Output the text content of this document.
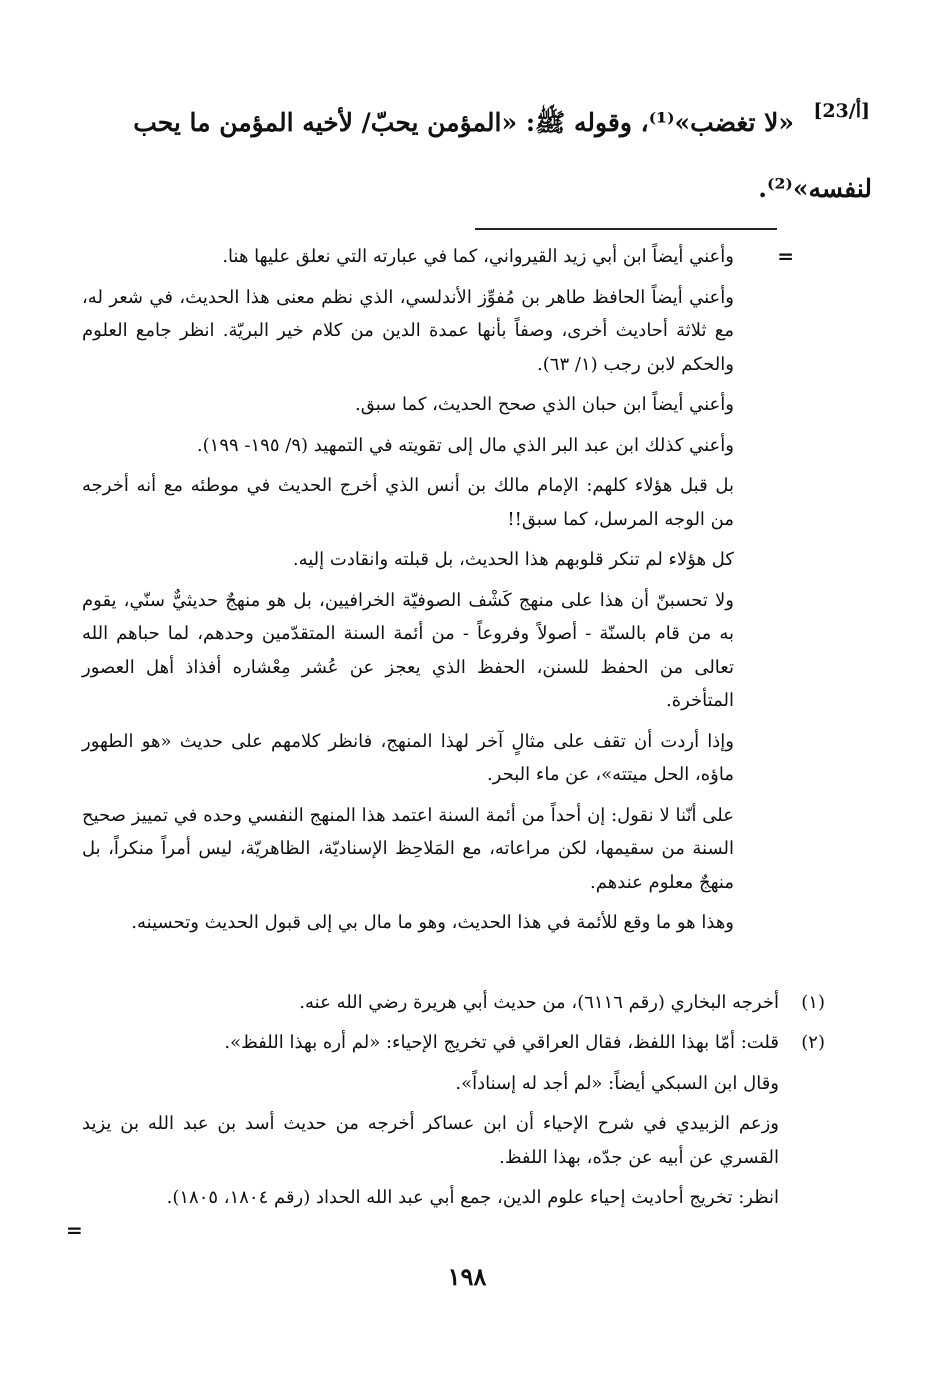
[23/أ]
«لا تغضب»⁽¹⁾، وقوله ﷺ: «المؤمن يحبّ/ لأخيه المؤمن ما يحب
لنفسه»⁽²⁾.
=

وأعني أيضاً ابن أبي زيد القيرواني، كما في عبارته التي نعلق عليها هنا.

وأعني أيضاً الحافظ طاهر بن مُفوِّز الأندلسي، الذي نظم معنى هذا الحديث، في شعر له، مع ثلاثة أحاديث أخرى، وصفاً بأنها عمدة الدين من كلام خير البريّة. انظر جامع العلوم والحكم لابن رجب (١/ ٦٣).

وأعني أيضاً ابن حبان الذي صحح الحديث، كما سبق.

وأعني كذلك ابن عبد البر الذي مال إلى تقويته في التمهيد (٩/ ١٩٥- ١٩٩).

بل قبل هؤلاء كلهم: الإمام مالك بن أنس الذي أخرج الحديث في موطئه مع أنه أخرجه من الوجه المرسل، كما سبق!!

كل هؤلاء لم تنكر قلوبهم هذا الحديث، بل قبلته وانقادت إليه.

ولا تحسبنّ أن هذا على منهج كَشْف الصوفيّة الخرافيين، بل هو منهجٌ حديثيٌّ سنّي، يقوم به من قام بالسنّة - أصولاً وفروعاً - من أئمة السنة المتقدّمين وحدهم، لما حباهم الله تعالى من الحفظ للسنن، الحفظ الذي يعجز عن عُشر مِعْشاره أفذاذ أهل العصور المتأخرة.

وإذا أردت أن تقف على مثالٍ آخر لهذا المنهج، فانظر كلامهم على حديث «هو الطهور ماؤه، الحل ميتته»، عن ماء البحر.

على أنّنا لا نقول: إن أحداً من أئمة السنة اعتمد هذا المنهج النفسي وحده في تمييز صحيح السنة من سقيمها، لكن مراعاته، مع المَلاحِظ الإسناديّة، الظاهريّة، ليس أمراً منكراً، بل منهجٌ معلوم عندهم.

وهذا هو ما وقع للأئمة في هذا الحديث، وهو ما مال بي إلى قبول الحديث وتحسينه.

(١)

أخرجه البخاري (رقم ٦١١٦)، من حديث أبي هريرة رضي الله عنه.

(٢)

قلت: أمّا بهذا اللفظ، فقال العراقي في تخريج الإحياء: «لم أره بهذا اللفظ».

وقال ابن السبكي أيضاً: «لم أجد له إسناداً».

وزعم الزبيدي في شرح الإحياء أن ابن عساكر أخرجه من حديث أسد بن عبد الله بن يزيد القسري عن أبيه عن جدّه، بهذا اللفظ.

انظر: تخريج أحاديث إحياء علوم الدين، جمع أبي عبد الله الحداد (رقم ١٨٠٤، ١٨٠٥).

=
١٩٨
